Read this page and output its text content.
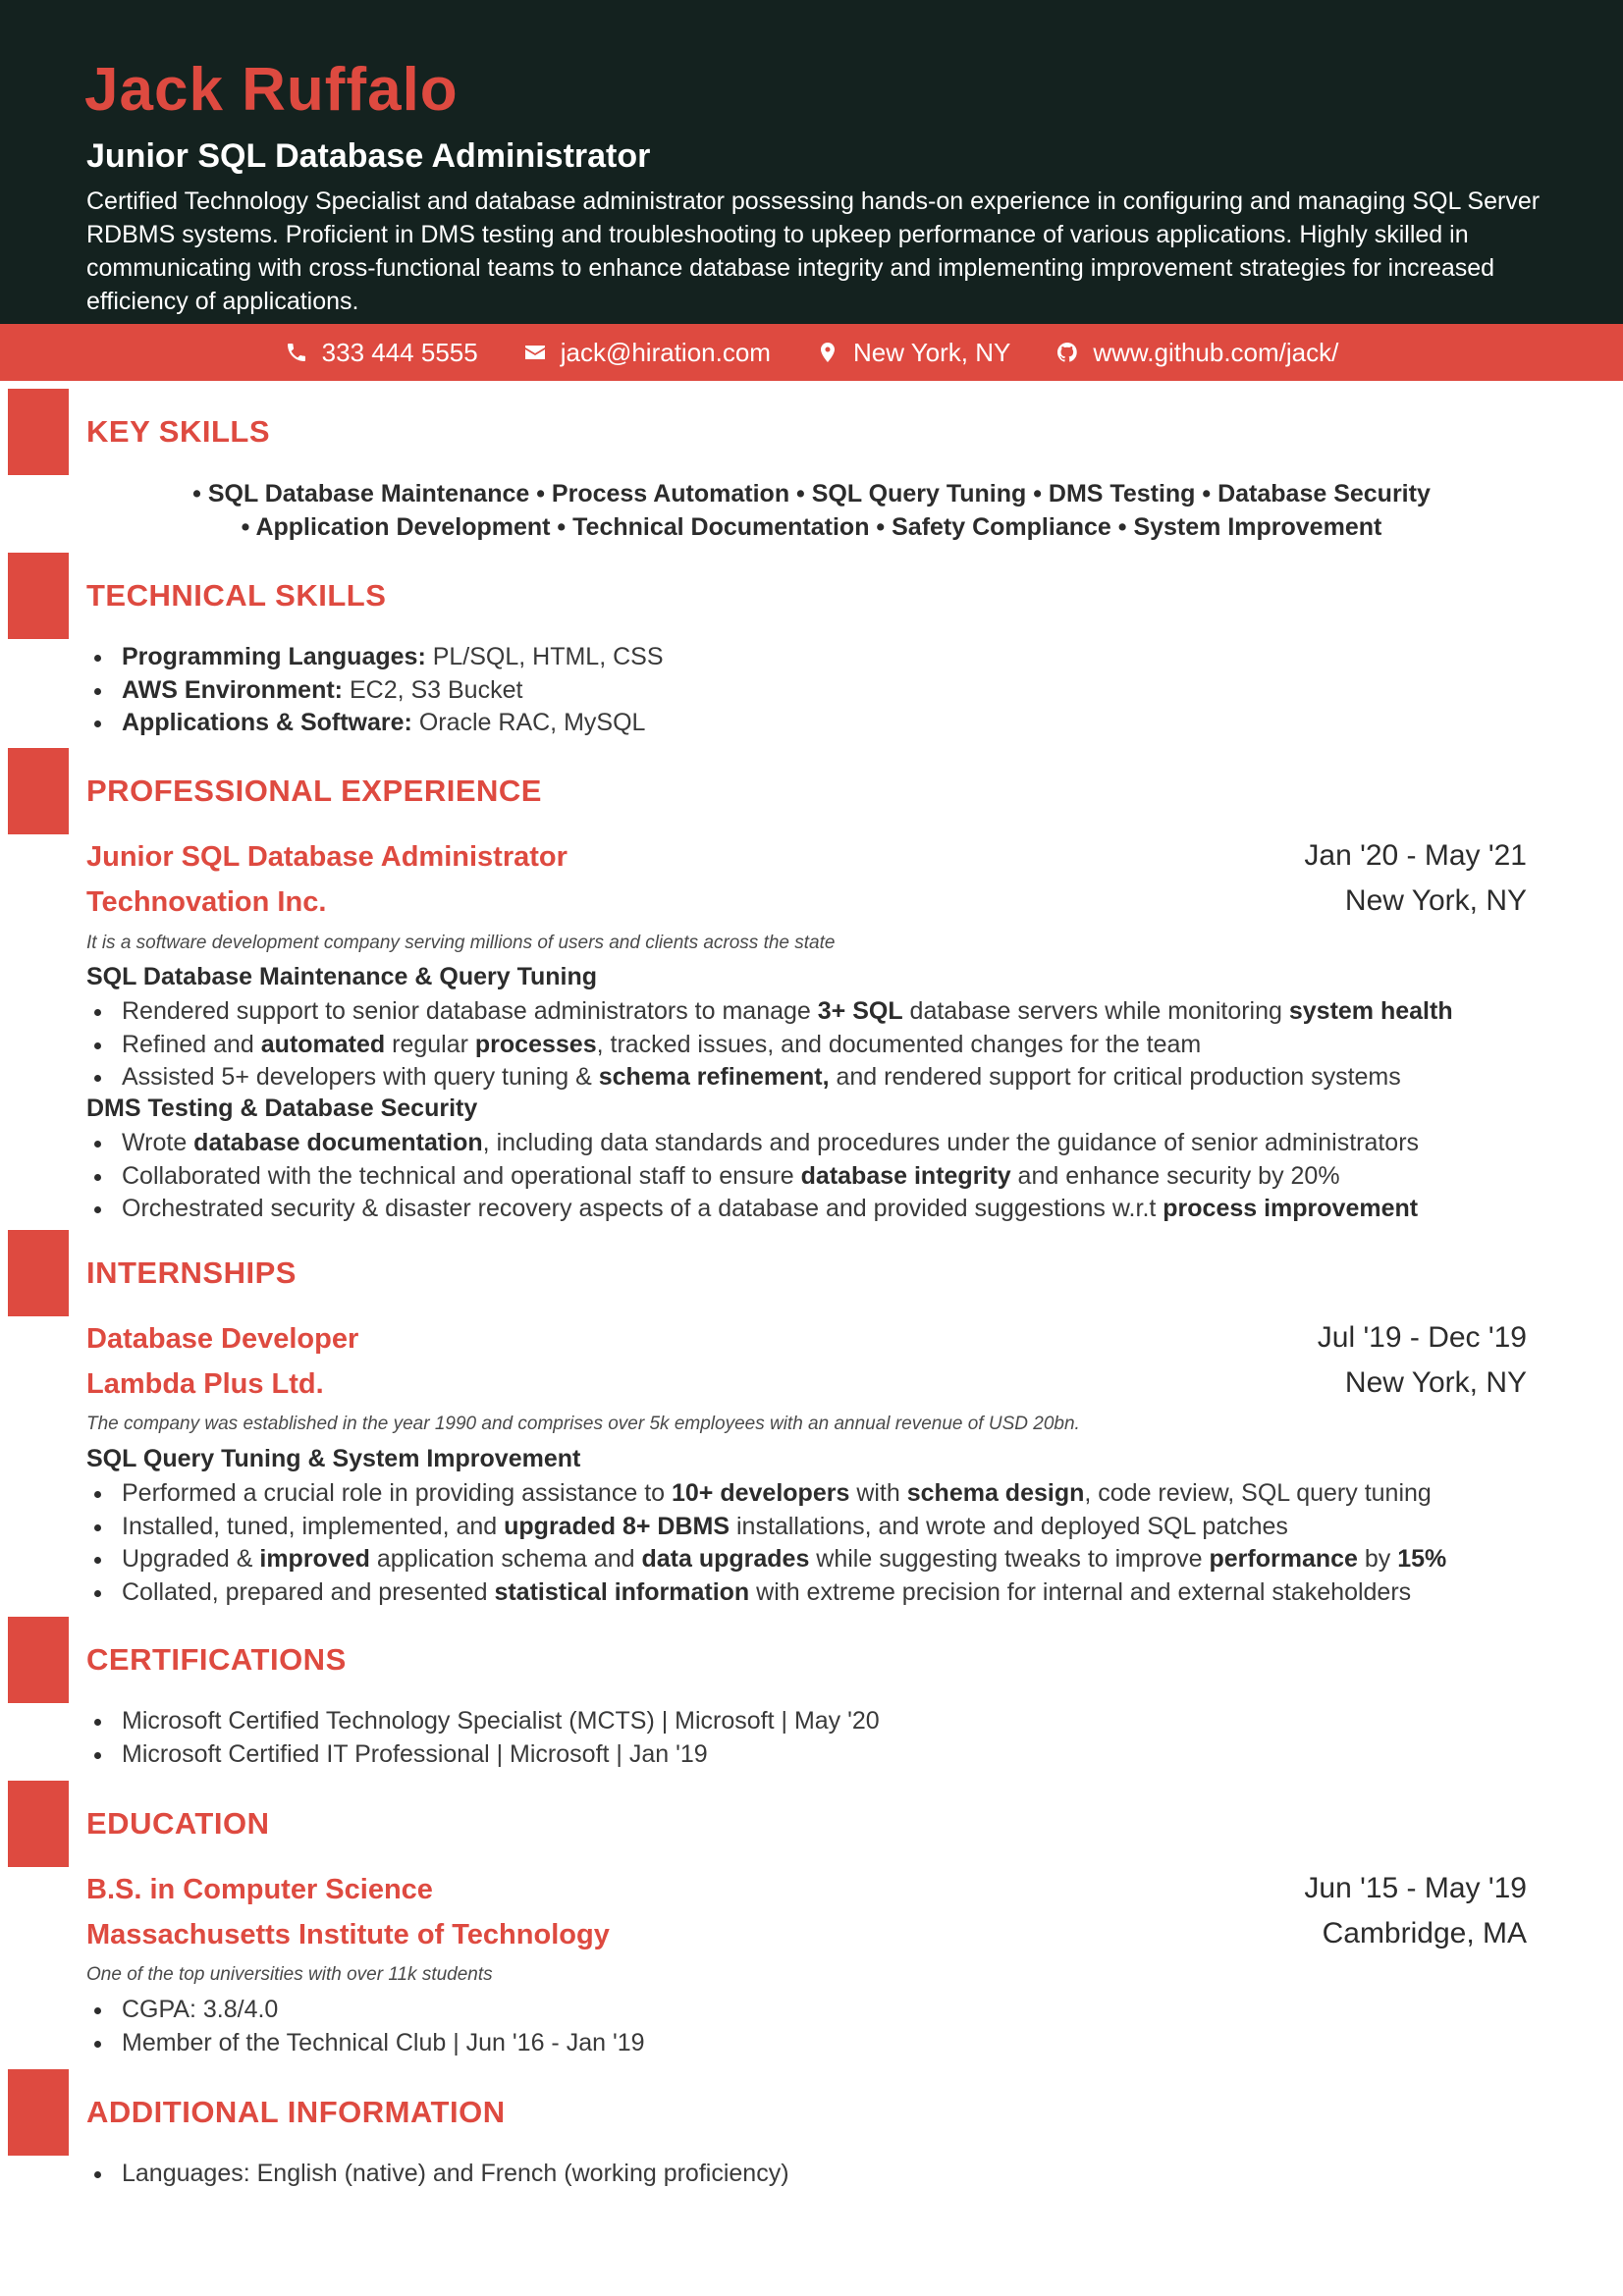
Jack Ruffalo
Junior SQL Database Administrator
Certified Technology Specialist and database administrator possessing hands-on experience in configuring and managing SQL Server RDBMS systems. Proficient in DMS testing and troubleshooting to upkeep performance of various applications. Highly skilled in communicating with cross-functional teams to enhance database integrity and implementing improvement strategies for increased efficiency of applications.
333 444 5555	jack@hiration.com	New York, NY	www.github.com/jack/
KEY SKILLS
• SQL Database Maintenance • Process Automation • SQL Query Tuning • DMS Testing • Database Security
• Application Development • Technical Documentation • Safety Compliance • System Improvement
TECHNICAL SKILLS
Programming Languages: PL/SQL, HTML, CSS
AWS Environment: EC2, S3 Bucket
Applications & Software: Oracle RAC, MySQL
PROFESSIONAL EXPERIENCE
Junior SQL Database Administrator	Jan '20 - May '21
Technovation Inc.	New York, NY
It is a software development company serving millions of users and clients across the state
SQL Database Maintenance & Query Tuning
Rendered support to senior database administrators to manage 3+ SQL database servers while monitoring system health
Refined and automated regular processes, tracked issues, and documented changes for the team
Assisted 5+ developers with query tuning & schema refinement, and rendered support for critical production systems
DMS Testing & Database Security
Wrote database documentation, including data standards and procedures under the guidance of senior administrators
Collaborated with the technical and operational staff to ensure database integrity and enhance security by 20%
Orchestrated security & disaster recovery aspects of a database and provided suggestions w.r.t process improvement
INTERNSHIPS
Database Developer	Jul '19 - Dec '19
Lambda Plus Ltd.	New York, NY
The company was established in the year 1990 and comprises over 5k employees with an annual revenue of USD 20bn.
SQL Query Tuning & System Improvement
Performed a crucial role in providing assistance to 10+ developers with schema design, code review, SQL query tuning
Installed, tuned, implemented, and upgraded 8+ DBMS installations, and wrote and deployed SQL patches
Upgraded & improved application schema and data upgrades while suggesting tweaks to improve performance by 15%
Collated, prepared and presented statistical information with extreme precision for internal and external stakeholders
CERTIFICATIONS
Microsoft Certified Technology Specialist (MCTS) | Microsoft | May '20
Microsoft Certified IT Professional | Microsoft | Jan '19
EDUCATION
B.S. in Computer Science	Jun '15 - May '19
Massachusetts Institute of Technology	Cambridge, MA
One of the top universities with over 11k students
CGPA: 3.8/4.0
Member of the Technical Club | Jun '16 - Jan '19
ADDITIONAL INFORMATION
Languages: English (native) and French (working proficiency)
